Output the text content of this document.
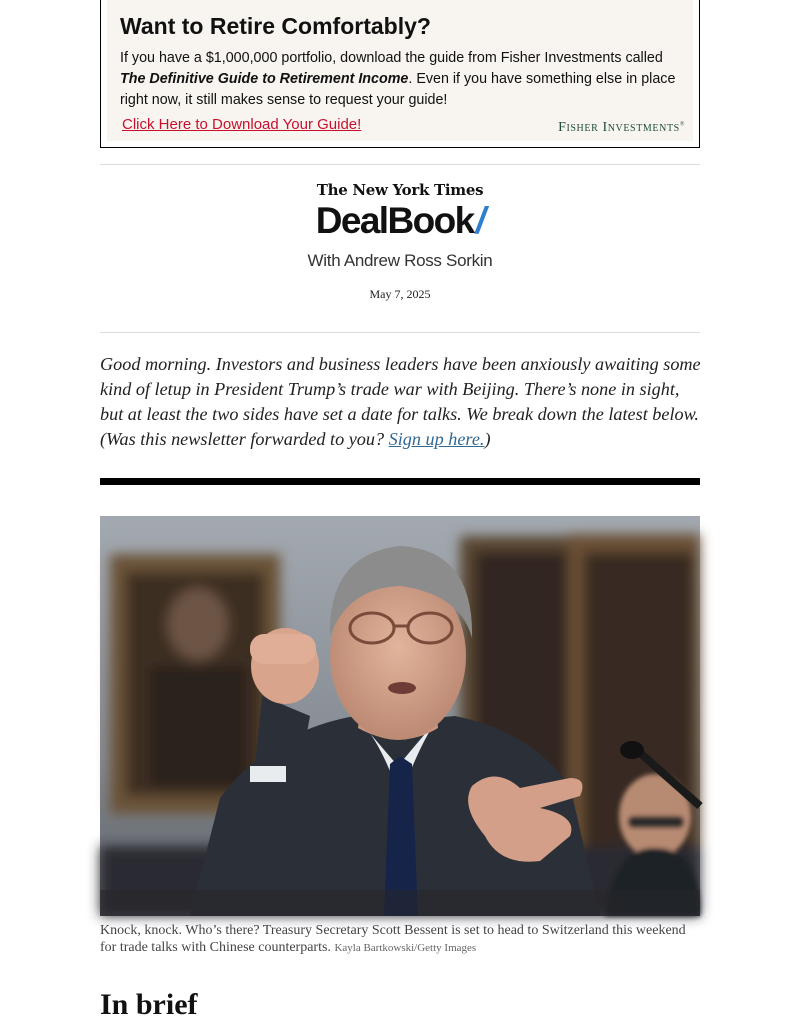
Want to Retire Comfortably?
If you have a $1,000,000 portfolio, download the guide from Fisher Investments called The Definitive Guide to Retirement Income. Even if you have something else in place right now, it still makes sense to request your guide!
Click Here to Download Your Guide!	Fisher Investments®
The New York Times
DealBook/
With Andrew Ross Sorkin
May 7, 2025
Good morning. Investors and business leaders have been anxiously awaiting some kind of letup in President Trump’s trade war with Beijing. There’s none in sight, but at least the two sides have set a date for talks. We break down the latest below. (Was this newsletter forwarded to you? Sign up here.)
Knock, knock. Who’s there? Treasury Secretary Scott Bessent is set to head to Switzerland this weekend for trade talks with Chinese counterparts. Kayla Bartkowski/Getty Images
In brief
